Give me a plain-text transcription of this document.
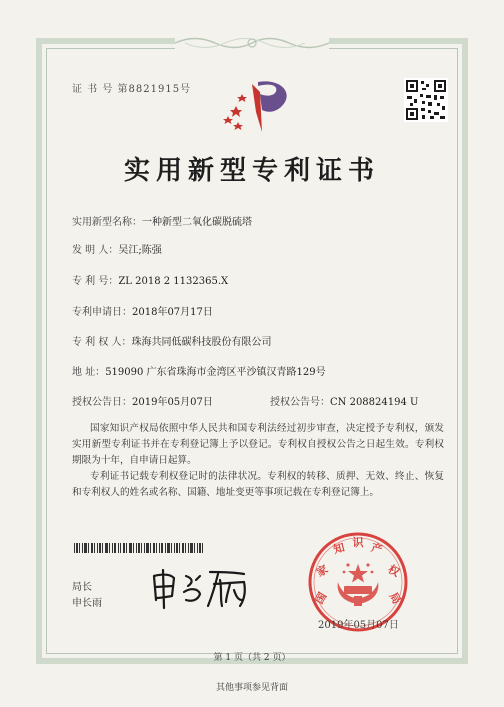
证 书 号 第8821915号
实用新型专利证书
实用新型名称：一种新型二氧化碳脱硫塔
发 明 人：吴江;陈强
专 利 号：ZL 2018 2 1132365.X
专利申请日：2018年07月17日
专 利 权 人：珠海共同低碳科技股份有限公司
地 址：519090 广东省珠海市金湾区平沙镇汉青路129号
授权公告日：2019年05月07日	授权公告号：CN 208824194 U
国家知识产权局依照中华人民共和国专利法经过初步审查，决定授予专利权，颁发实用新型专利证书并在专利登记簿上予以登记。专利权自授权公告之日起生效。专利权期限为十年，自申请日起算。
专利证书记载专利权登记时的法律状况。专利权的转移、质押、无效、终止、恢复和专利权人的姓名或名称、国籍、地址变更等事项记载在专利登记簿上。
局长
申长雨	国
家
知 识 产
权
局
2019年05月07日
第 1 页（共 2 页）
其他事项参见背面
